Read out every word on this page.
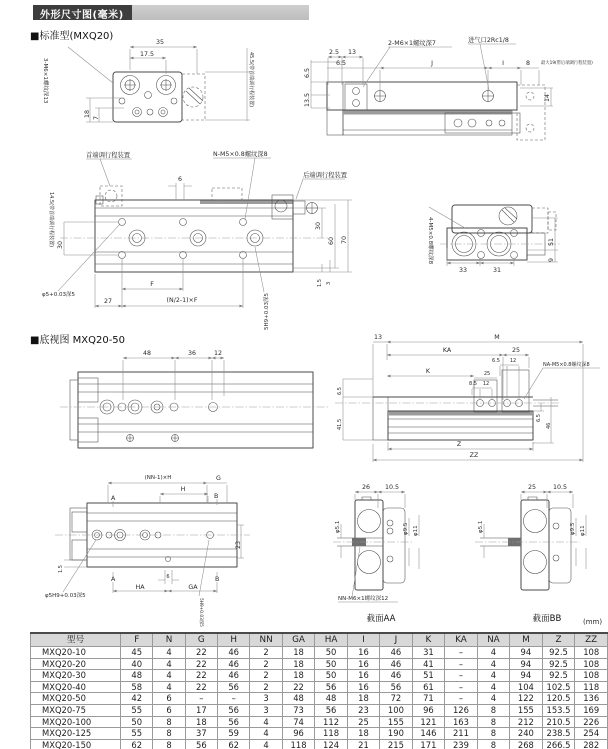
外形尺寸图(毫米)
■标准型(MXQ20)
■底视图 MXQ20-50
35
17.5
3-M6×1螺纹深13
18 7
45.5(带首端调行程装置)
2-M6×1螺纹深7	进气口2Rc1/8
2.5 13
6.5	J	I	8	最大19(带后端调行程装置)
6.5
13.5	14
首端调行程装置	N-M5×0.8螺纹深8
后端调行程装置
6
30
30
60 70
1.5 3
F
27	(N/2-1)×F
φ5+0.03深5	5H9+0.03深5
14.5(带首端调行程装置)	4-M5×0.8螺纹深8
33	31
51
9
48	36	12
13	M
KA	25
6.5 12
K	25
8.5 12
NA-M5×0.8螺纹深8
6.5
41.5
6.5
46
Z
ZZ
(NN-1)×H	G
H
A	B
23
1.5
A	B
6
HA	GA
φ5H9+0.03深5
5H9+0.03深5
26 10.5
φ5.1	φ9.5 φ11
NN-M6×1螺纹深12
截面AA
25	10.5
φ5.1	φ9.5 φ11
截面BB	(mm)
型号	F	N	G	H	NN	GA	HA	I	J	K	KA	NA	M	Z	ZZ
MXQ20-10	45	4	22	46	2	18	50	16	46	31	–	4	94	92.5	108
MXQ20-20	40	4	22	46	2	18	50	16	46	41	–	4	94	92.5	108
MXQ20-30	48	4	22	46	2	18	50	16	46	51	–	4	94	92.5	108
MXQ20-40	58	4	22	56	2	22	56	16	56	61	–	4	104	102.5	118
MXQ20-50	42	6	–	–	3	48	48	18	72	71	–	4	122	120.5	136
MXQ20-75	55	6	17	56	3	73	56	23	100	96	126	8	155	153.5	169
MXQ20-100	50	8	18	56	4	74	112	25	155	121	163	8	212	210.5	226
MXQ20-125	55	8	37	59	4	96	118	18	190	146	211	8	240	238.5	254
MXQ20-150	62	8	56	62	4	118	124	21	215	171	239	8	268	266.5	282
